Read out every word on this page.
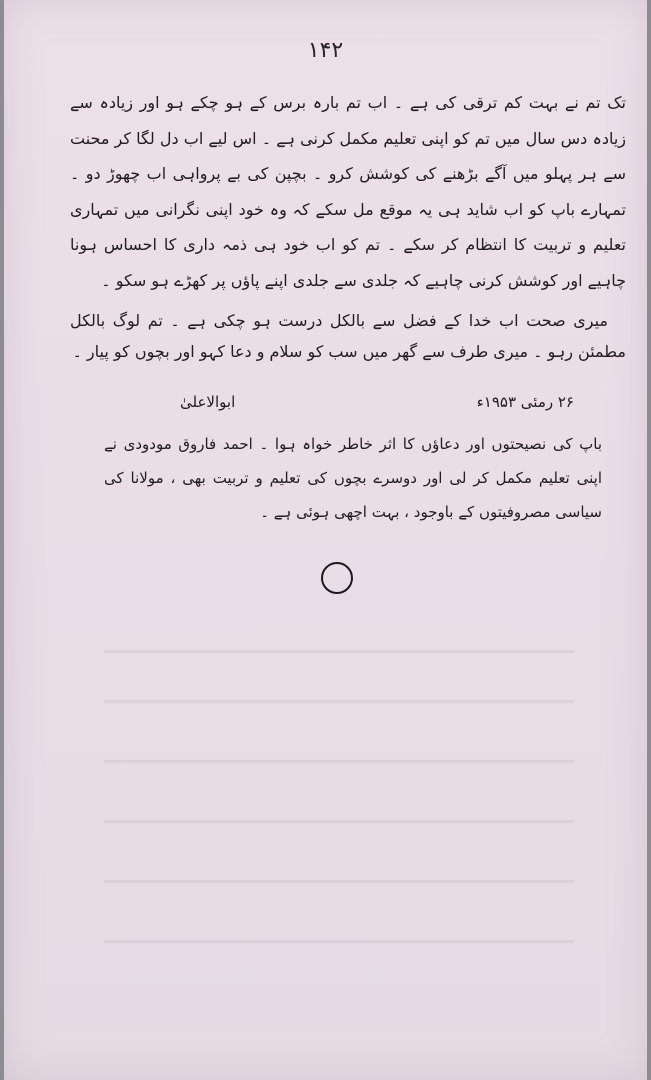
۱۴۲

تک تم نے بہت کم ترقی کی ہے ۔ اب تم بارہ برس کے ہو چکے ہو اور زیادہ سے زیادہ دس سال میں تم کو اپنی تعلیم مکمل کرنی ہے ۔ اس لیے اب دل لگا کر محنت سے ہر پہلو میں آگے بڑھنے کی کوشش کرو ۔ بچپن کی بے پرواہی اب چھوڑ دو ۔ تمہارے باپ کو اب شاید ہی یہ موقع مل سکے کہ وہ خود اپنی نگرانی میں تمہاری تعلیم و تربیت کا انتظام کر سکے ۔ تم کو اب خود ہی ذمہ داری کا احساس ہونا چاہیے اور کوشش کرنی چاہیے کہ جلدی سے جلدی اپنے پاؤں پر کھڑے ہو سکو ۔

میری صحت اب خدا کے فضل سے بالکل درست ہو چکی ہے ۔ تم لوگ بالکل مطمئن رہو ۔ میری طرف سے گھر میں سب کو سلام و دعا کہو اور بچوں کو پیار ۔

۲۶ رمئی ۱۹۵۳ء
ابوالاعلیٰ

باپ کی نصیحتوں اور دعاؤں کا اثر خاطر خواہ ہوا ۔ احمد فاروق مودودی نے اپنی تعلیم مکمل کر لی اور دوسرے بچوں کی تعلیم و تربیت بھی ، مولانا کی سیاسی مصروفیتوں کے باوجود ، بہت اچھی ہوئی ہے ۔
